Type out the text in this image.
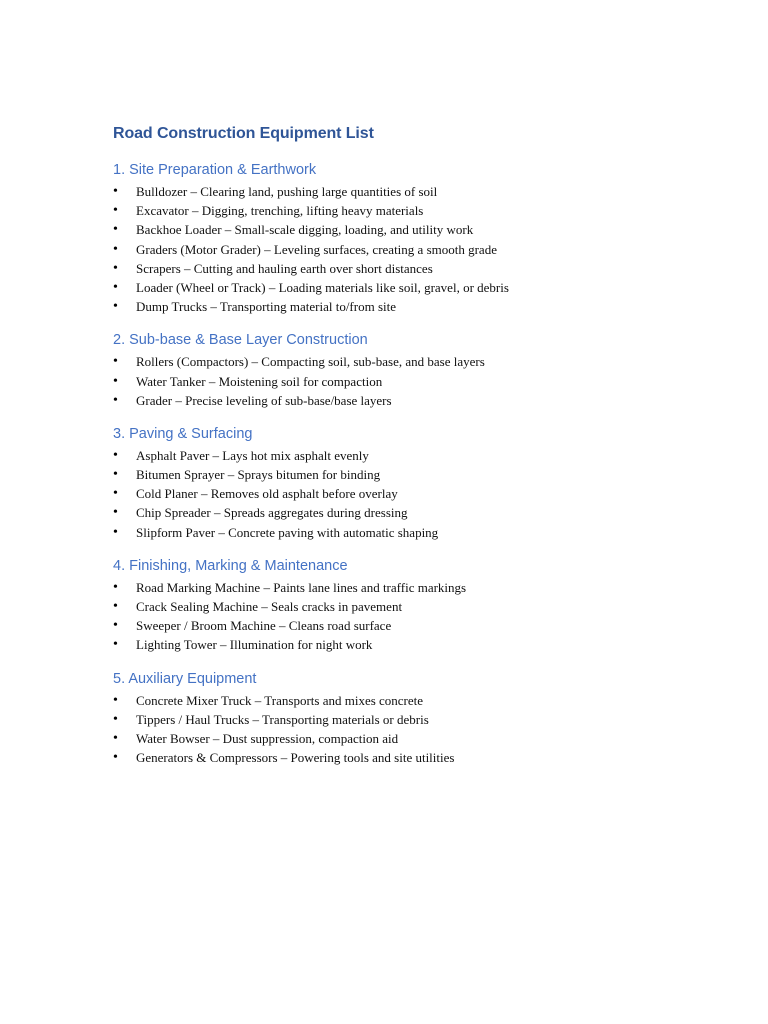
Road Construction Equipment List
1. Site Preparation & Earthwork
• Bulldozer – Clearing land, pushing large quantities of soil
• Excavator – Digging, trenching, lifting heavy materials
• Backhoe Loader – Small-scale digging, loading, and utility work
• Graders (Motor Grader) – Leveling surfaces, creating a smooth grade
• Scrapers – Cutting and hauling earth over short distances
• Loader (Wheel or Track) – Loading materials like soil, gravel, or debris
• Dump Trucks – Transporting material to/from site
2. Sub-base & Base Layer Construction
• Rollers (Compactors) – Compacting soil, sub-base, and base layers
• Water Tanker – Moistening soil for compaction
• Grader – Precise leveling of sub-base/base layers
3. Paving & Surfacing
• Asphalt Paver – Lays hot mix asphalt evenly
• Bitumen Sprayer – Sprays bitumen for binding
• Cold Planer – Removes old asphalt before overlay
• Chip Spreader – Spreads aggregates during dressing
• Slipform Paver – Concrete paving with automatic shaping
4. Finishing, Marking & Maintenance
• Road Marking Machine – Paints lane lines and traffic markings
• Crack Sealing Machine – Seals cracks in pavement
• Sweeper / Broom Machine – Cleans road surface
• Lighting Tower – Illumination for night work
5. Auxiliary Equipment
• Concrete Mixer Truck – Transports and mixes concrete
• Tippers / Haul Trucks – Transporting materials or debris
• Water Bowser – Dust suppression, compaction aid
• Generators & Compressors – Powering tools and site utilities
